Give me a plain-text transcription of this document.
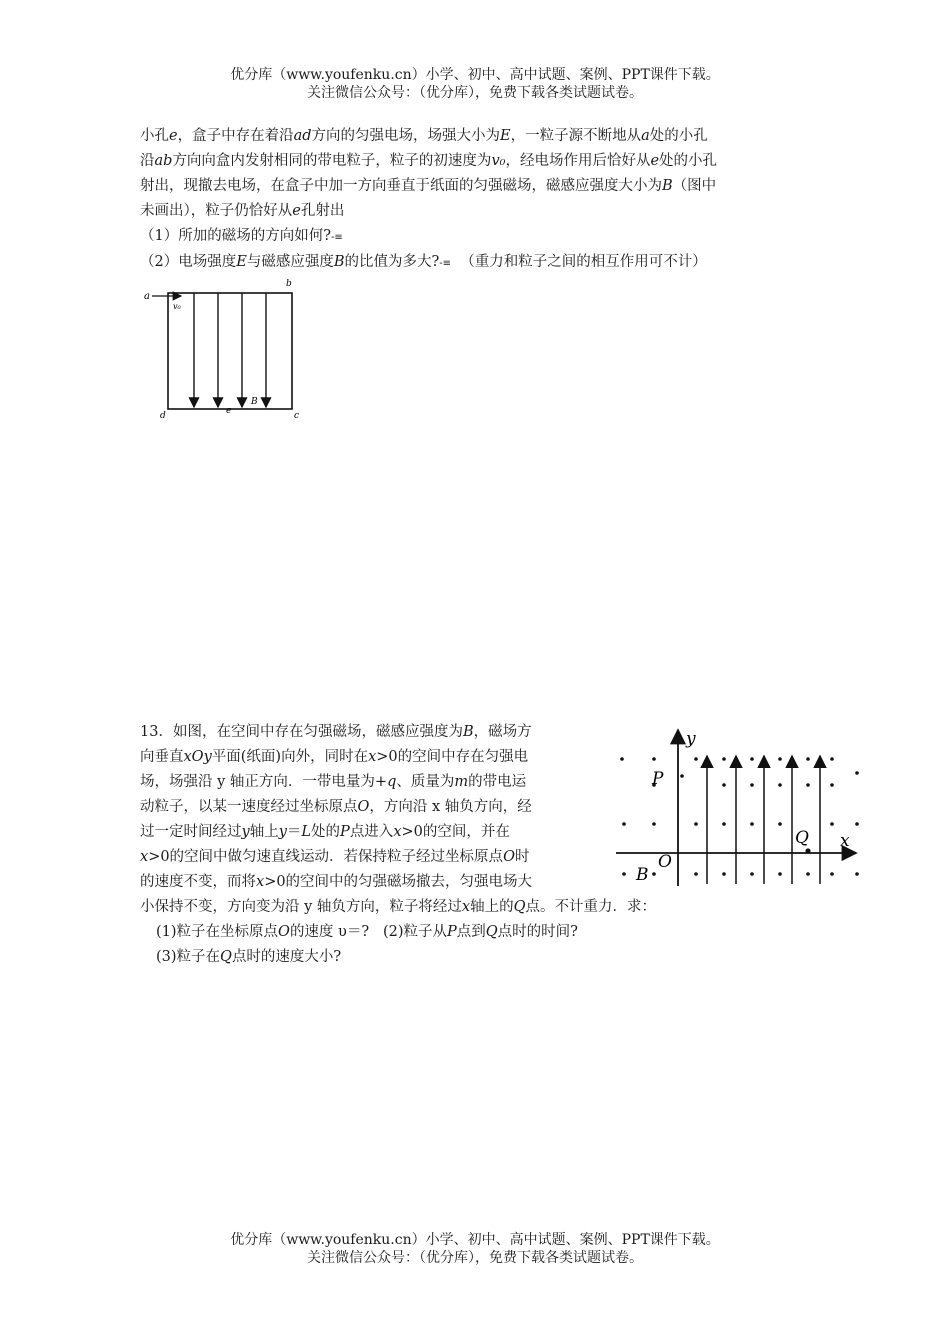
优分库（www.youfenku.cn）小学、初中、高中试题、案例、PPT课件下载。
关注微信公众号：（优分库），免费下载各类试题试卷。

小孔e，盒子中存在着沿ad方向的匀强电场，场强大小为E，一粒子源不断地从a处的小孔

沿ab方向向盒内发射相同的带电粒子，粒子的初速度为v₀，经电场作用后恰好从e处的小孔

射出，现撤去电场，在盒子中加一方向垂直于纸面的匀强磁场，磁感应强度大小为B（图中

未画出），粒子仍恰好从e孔射出

（1）所加的磁场的方向如何?-≡

（2）电场强度E与磁感应强度B的比值为多大?-≡ （重力和粒子之间的相互作用可不计）

a
v₀
b
d	e
B
c

13．如图，在空间中存在匀强磁场，磁感应强度为B，磁场方

向垂直xOy平面(纸面)向外，同时在x>0的空间中存在匀强电

场，场强沿 y 轴正方向．一带电量为+q、质量为m的带电运

动粒子，以某一速度经过坐标原点O，方向沿 x 轴负方向，经

过一定时间经过y轴上y＝L处的P点进入x>0的空间，并在

x>0的空间中做匀速直线运动．若保持粒子经过坐标原点O时

的速度不变，而将x>0的空间中的匀强磁场撤去，匀强电场大

小保持不变，方向变为沿 y 轴负方向，粒子将经过x轴上的Q点。不计重力．求：

(1)粒子在坐标原点O的速度 υ＝? (2)粒子从P点到Q点时的时间?

(3)粒子在Q点时的速度大小?

y
x
P
O
Q
B
优分库（www.youfenku.cn）小学、初中、高中试题、案例、PPT课件下载。
关注微信公众号：（优分库），免费下载各类试题试卷。
